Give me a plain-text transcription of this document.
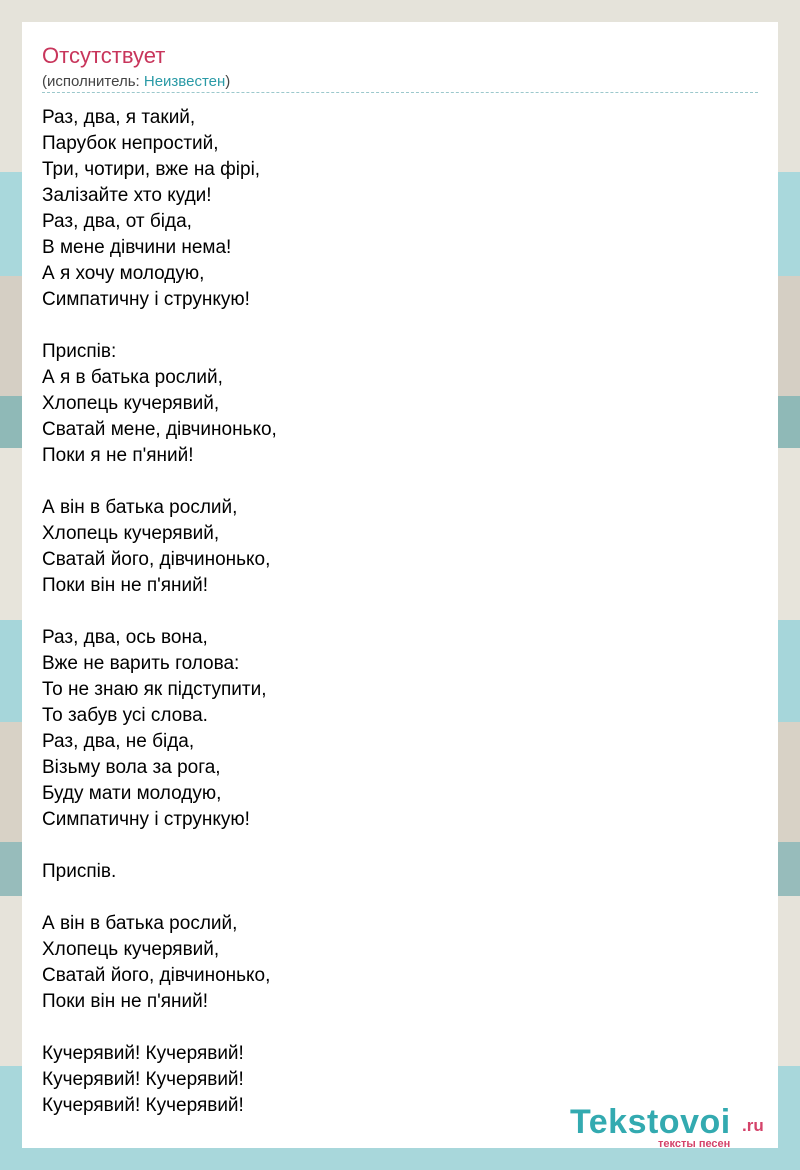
Отсутствует
(исполнитель: Неизвестен)
Раз, два, я такий,
Парубок непростий,
Три, чотири, вже на фірі,
Залізайте хто куди!
Раз, два, от біда,
В мене дівчини нема!
А я хочу молодую,
Симпатичну і стрункую!
Приспів:
А я в батька рослий,
Хлопець кучерявий,
Сватай мене, дівчинонько,
Поки я не п'яний!
А він в батька рослий,
Хлопець кучерявий,
Сватай його, дівчинонько,
Поки він не п'яний!
Раз, два, ось вона,
Вже не варить голова:
То не знаю як підступити,
То забув усі слова.
Раз, два, не біда,
Візьму вола за рога,
Буду мати молодую,
Симпатичну і стрункую!
Приспів.
А він в батька рослий,
Хлопець кучерявий,
Сватай його, дівчинонько,
Поки він не п'яний!
Кучерявий! Кучерявий!
Кучерявий! Кучерявий!
Кучерявий! Кучерявий!	Tekstovoi .ru
тексты песен
